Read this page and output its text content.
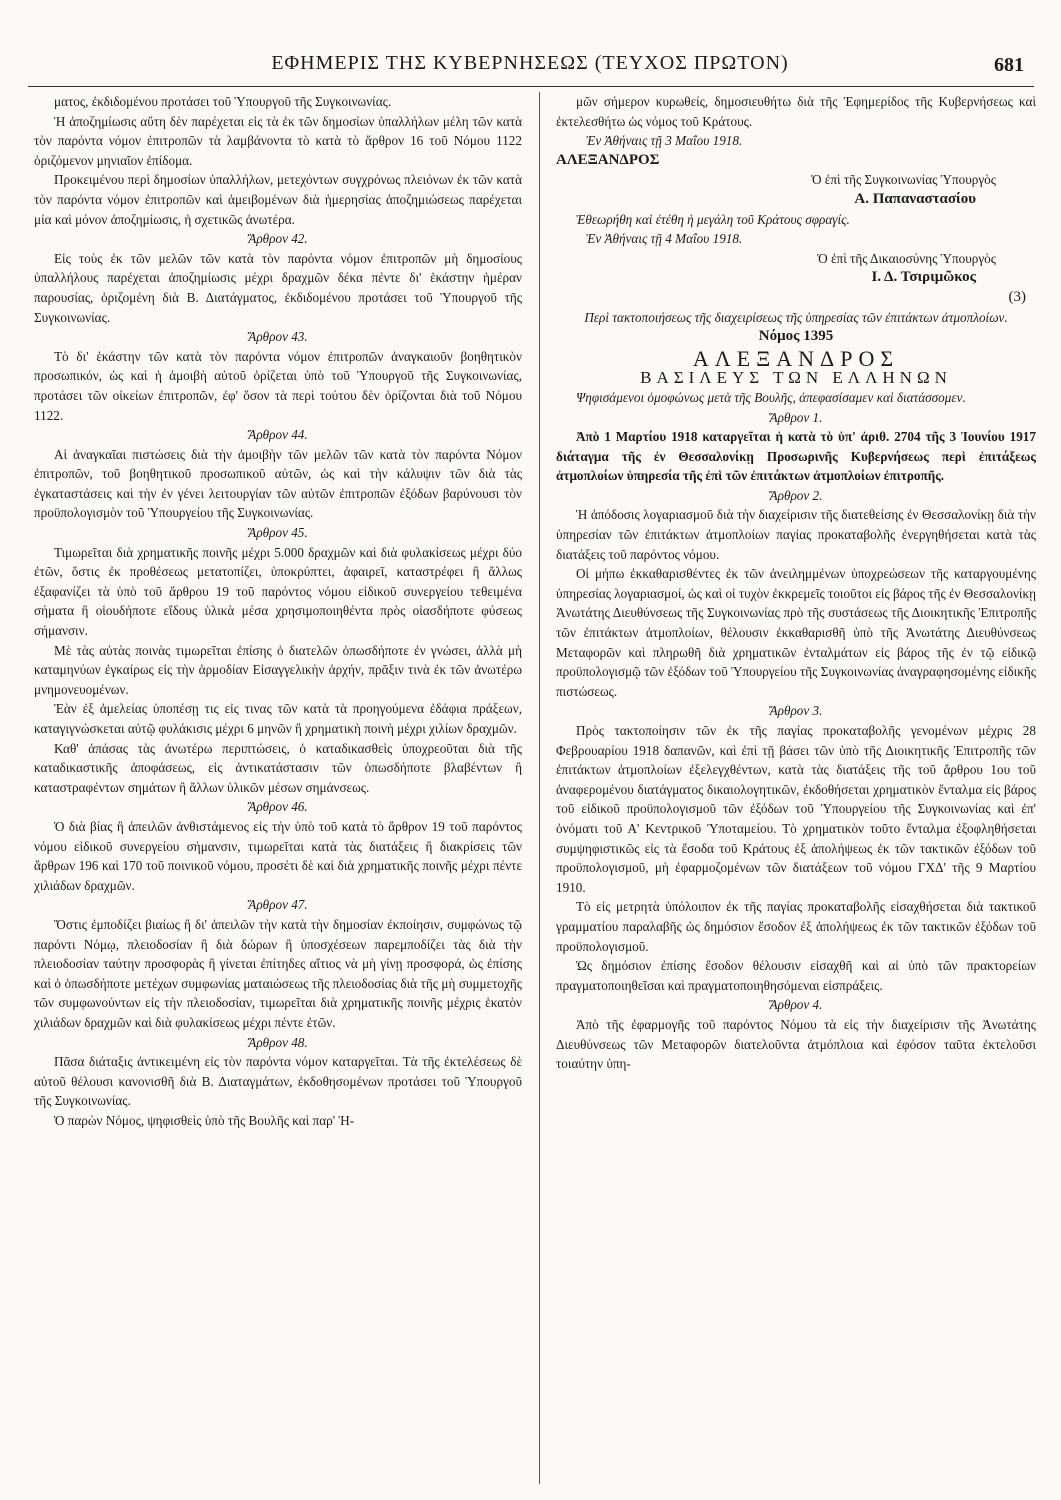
ΕΦΗΜΕΡΙΣ ΤΗΣ ΚΥΒΕΡΝΗΣΕΩΣ (ΤΕΥΧΟΣ ΠΡΩΤΟΝ)	681

ματος, ἐκδιδομένου προτάσει τοῦ Ὑπουργοῦ τῆς Συγκοινωνίας.

Ἡ ἀποζημίωσις αὕτη δὲν παρέχεται εἰς τὰ ἐκ τῶν δημοσίων ὑπαλλήλων μέλη τῶν κατὰ τὸν παρόντα νόμον ἐπιτροπῶν τὰ λαμβάνοντα τὸ κατὰ τὸ ἄρθρον 16 τοῦ Νόμου 1122 ὁριζόμενον μηνιαῖον ἐπίδομα.

Προκειμένου περὶ δημοσίων ὑπαλλήλων, μετεχόντων συγχρόνως πλειόνων ἐκ τῶν κατὰ τὸν παρόντα νόμον ἐπιτροπῶν καὶ ἀμειβομένων διὰ ἡμερησίας ἀποζημιώσεως παρέχεται μία καὶ μόνον ἀποζημίωσις, ἡ σχετικῶς ἀνωτέρα.

Ἄρθρον 42.

Εἰς τοὺς ἐκ τῶν μελῶν τῶν κατὰ τὸν παρόντα νόμον ἐπιτροπῶν μὴ δημοσίους ὑπαλλήλους παρέχεται ἀποζημίωσις μέχρι δραχμῶν δέκα πέντε δι' ἑκάστην ἡμέραν παρουσίας, ὁριζομένη διὰ Β. Διατάγματος, ἐκδιδομένου προτάσει τοῦ Ὑπουργοῦ τῆς Συγκοινωνίας.

Ἄρθρον 43.

Τὸ δι' ἑκάστην τῶν κατὰ τὸν παρόντα νόμον ἐπιτροπῶν ἀναγκαιοῦν βοηθητικὸν προσωπικόν, ὡς καὶ ἡ ἀμοιβὴ αὐτοῦ ὁρίζεται ὑπὸ τοῦ Ὑπουργοῦ τῆς Συγκοινωνίας, προτάσει τῶν οἰκείων ἐπιτροπῶν, ἐφ' ὅσον τὰ περὶ τούτου δὲν ὁρίζονται διὰ τοῦ Νόμου 1122.

Ἄρθρον 44.

Αἱ ἀναγκαῖαι πιστώσεις διὰ τὴν ἀμοιβὴν τῶν μελῶν τῶν κατὰ τὸν παρόντα Νόμον ἐπιτροπῶν, τοῦ βοηθητικοῦ προσωπικοῦ αὐτῶν, ὡς καὶ τὴν κάλυψιν τῶν διὰ τὰς ἐγκαταστάσεις καὶ τὴν ἐν γένει λειτουργίαν τῶν αὐτῶν ἐπιτροπῶν ἐξόδων βαρύνουσι τὸν προϋπολογισμὸν τοῦ Ὑπουργείου τῆς Συγκοινωνίας.

Ἄρθρον 45.

Τιμωρεῖται διὰ χρηματικῆς ποινῆς μέχρι 5.000 δραχμῶν καὶ διὰ φυλακίσεως μέχρι δύο ἐτῶν, ὅστις ἐκ προθέσεως μετατοπίζει, ὑποκρύπτει, ἀφαιρεῖ, καταστρέφει ἢ ἄλλως ἐξαφανίζει τὰ ὑπὸ τοῦ ἄρθρου 19 τοῦ παρόντος νόμου εἰδικοῦ συνεργείου τεθειμένα σήματα ἢ οἱουδήποτε εἴδους ὑλικὰ μέσα χρησιμοποιηθέντα πρὸς οἱασδήποτε φύσεως σήμανσιν.

Μὲ τὰς αὐτὰς ποινὰς τιμωρεῖται ἐπίσης ὁ διατελῶν ὁπωσδήποτε ἐν γνώσει, ἀλλὰ μὴ καταμηνύων ἐγκαίρως εἰς τὴν ἁρμοδίαν Εἰσαγγελικὴν ἀρχήν, πρᾶξιν τινὰ ἐκ τῶν ἀνωτέρω μνημονευομένων.

Ἐὰν ἐξ ἀμελείας ὑποπέσῃ τις εἰς τινας τῶν κατὰ τὰ προηγούμενα ἐδάφια πράξεων, καταγιγνώσκεται αὐτῷ φυλάκισις μέχρι 6 μηνῶν ἢ χρηματικὴ ποινὴ μέχρι χιλίων δραχμῶν.

Καθ' ἁπάσας τὰς ἀνωτέρω περιπτώσεις, ὁ καταδικασθεὶς ὑποχρεοῦται διὰ τῆς καταδικαστικῆς ἀποφάσεως, εἰς ἀντικατάστασιν τῶν ὁπωσδήποτε βλαβέντων ἢ καταστραφέντων σημάτων ἢ ἄλλων ὑλικῶν μέσων σημάνσεως.

Ἄρθρον 46.

Ὁ διὰ βίας ἢ ἀπειλῶν ἀνθιστάμενος εἰς τὴν ὑπὸ τοῦ κατὰ τὸ ἄρθρον 19 τοῦ παρόντος νόμου εἰδικοῦ συνεργείου σήμανσιν, τιμωρεῖται κατὰ τὰς διατάξεις ἢ διακρίσεις τῶν ἄρθρων 196 καὶ 170 τοῦ ποινικοῦ νόμου, προσέτι δὲ καὶ διὰ χρηματικῆς ποινῆς μέχρι πέντε χιλιάδων δραχμῶν.

Ἄρθρον 47.

Ὅστις ἐμποδίζει βιαίως ἢ δι' ἀπειλῶν τὴν κατὰ τὴν δημοσίαν ἐκποίησιν, συμφώνως τῷ παρόντι Νόμῳ, πλειοδοσίαν ἢ διὰ δώρων ἢ ὑποσχέσεων παρεμποδίζει τὰς διὰ τὴν πλειοδοσίαν ταύτην προσφορὰς ἢ γίνεται ἐπίτηδες αἴτιος νὰ μὴ γίνῃ προσφορά, ὡς ἐπίσης καὶ ὁ ὁπωσδήποτε μετέχων συμφωνίας ματαιώσεως τῆς πλειοδοσίας διὰ τῆς μὴ συμμετοχῆς τῶν συμφωνούντων εἰς τὴν πλειοδοσίαν, τιμωρεῖται διὰ χρηματικῆς ποινῆς μέχρις ἑκατὸν χιλιάδων δραχμῶν καὶ διὰ φυλακίσεως μέχρι πέντε ἐτῶν.

Ἄρθρον 48.

Πᾶσα διάταξις ἀντικειμένη εἰς τὸν παρόντα νόμον καταργεῖται. Τὰ τῆς ἐκτελέσεως δὲ αὐτοῦ θέλουσι κανονισθῆ διὰ Β. Διαταγμάτων, ἐκδοθησομένων προτάσει τοῦ Ὑπουργοῦ τῆς Συγκοινωνίας.

Ὁ παρὼν Νόμος, ψηφισθεὶς ὑπὸ τῆς Βουλῆς καὶ παρ' Ἡ-

μῶν σήμερον κυρωθείς, δημοσιευθήτω διὰ τῆς Ἐφημερίδος τῆς Κυβερνήσεως καὶ ἐκτελεσθήτω ὡς νόμος τοῦ Κράτους.

Ἐν Ἀθήναις τῇ 3 Μαΐου 1918.

ΑΛΕΞΑΝΔΡΟΣ

Ὁ ἐπὶ τῆς Συγκοινωνίας Ὑπουργὸς

Α. Παπαναστασίου

Ἐθεωρήθη καὶ ἐτέθη ἡ μεγάλη τοῦ Κράτους σφραγίς.

Ἐν Ἀθήναις τῇ 4 Μαΐου 1918.

Ὁ ἐπὶ τῆς Δικαιοσύνης Ὑπουργὸς

Ι. Δ. Τσιριμῶκος

(3)

Περὶ τακτοποιήσεως τῆς διαχειρίσεως τῆς ὑπηρεσίας τῶν ἐπιτάκτων ἀτμοπλοίων.

Νόμος 1395

ΑΛΕΞΑΝΔΡΟΣ

ΒΑΣΙΛΕΥΣ ΤΩΝ ΕΛΛΗΝΩΝ

Ψηφισάμενοι ὁμοφώνως μετὰ τῆς Βουλῆς, ἀπεφασίσαμεν καὶ διατάσσομεν.

Ἄρθρον 1.

Ἀπὸ 1 Μαρτίου 1918 καταργεῖται ἡ κατὰ τὸ ὑπ' ἀριθ. 2704 τῆς 3 Ἰουνίου 1917 διάταγμα τῆς ἐν Θεσσαλονίκῃ Προσωρινῆς Κυβερνήσεως περὶ ἐπιτάξεως ἀτμοπλοίων ὑπηρεσία τῆς ἐπὶ τῶν ἐπιτάκτων ἀτμοπλοίων ἐπιτροπῆς.

Ἄρθρον 2.

Ἡ ἀπόδοσις λογαριασμοῦ διὰ τὴν διαχείρισιν τῆς διατεθείσης ἐν Θεσσαλονίκῃ διὰ τὴν ὑπηρεσίαν τῶν ἐπιτάκτων ἀτμοπλοίων παγίας προκαταβολῆς ἐνεργηθήσεται κατὰ τὰς διατάξεις τοῦ παρόντος νόμου.

Οἱ μήπω ἐκκαθαρισθέντες ἐκ τῶν ἀνειλημμένων ὑποχρεώσεων τῆς καταργουμένης ὑπηρεσίας λογαριασμοί, ὡς καὶ οἱ τυχὸν ἐκκρεμεῖς τοιοῦτοι εἰς βάρος τῆς ἐν Θεσσαλονίκῃ Ἀνωτάτης Διευθύνσεως τῆς Συγκοινωνίας πρὸ τῆς συστάσεως τῆς Διοικητικῆς Ἐπιτροπῆς τῶν ἐπιτάκτων ἀτμοπλοίων, θέλουσιν ἐκκαθαρισθῆ ὑπὸ τῆς Ἀνωτάτης Διευθύνσεως Μεταφορῶν καὶ πληρωθῆ διὰ χρηματικῶν ἐνταλμάτων εἰς βάρος τῆς ἐν τῷ εἰδικῷ προϋπολογισμῷ τῶν ἐξόδων τοῦ Ὑπουργείου τῆς Συγκοινωνίας ἀναγραφησομένης εἰδικῆς πιστώσεως.

Ἄρθρον 3.

Πρὸς τακτοποίησιν τῶν ἐκ τῆς παγίας προκαταβολῆς γενομένων μέχρις 28 Φεβρουαρίου 1918 δαπανῶν, καὶ ἐπὶ τῇ βάσει τῶν ὑπὸ τῆς Διοικητικῆς Ἐπιτροπῆς τῶν ἐπιτάκτων ἀτμοπλοίων ἐξελεγχθέντων, κατὰ τὰς διατάξεις τῆς τοῦ ἄρθρου 1ου τοῦ ἀναφερομένου διατάγματος δικαιολογητικῶν, ἐκδοθήσεται χρηματικὸν ἔνταλμα εἰς βάρος τοῦ εἰδικοῦ προϋπολογισμοῦ τῶν ἐξόδων τοῦ Ὑπουργείου τῆς Συγκοινωνίας καὶ ἐπ' ὀνόματι τοῦ Α' Κεντρικοῦ Ὑποταμείου. Τὸ χρηματικὸν τοῦτο ἔνταλμα ἐξοφληθήσεται συμψηφιστικῶς εἰς τὰ ἔσοδα τοῦ Κράτους ἐξ ἀπολήψεως ἐκ τῶν τακτικῶν ἐξόδων τοῦ προϋπολογισμοῦ, μὴ ἐφαρμοζομένων τῶν διατάξεων τοῦ νόμου ΓΧΔ' τῆς 9 Μαρτίου 1910.

Τὸ εἰς μετρητὰ ὑπόλοιπον ἐκ τῆς παγίας προκαταβολῆς εἰσαχθήσεται διὰ τακτικοῦ γραμματίου παραλαβῆς ὡς δημόσιον ἔσοδον ἐξ ἀπολήψεως ἐκ τῶν τακτικῶν ἐξόδων τοῦ προϋπολογισμοῦ.

Ὡς δημόσιον ἐπίσης ἔσοδον θέλουσιν εἰσαχθῆ καὶ αἱ ὑπὸ τῶν πρακτορείων πραγματοποιηθεῖσαι καὶ πραγματοποιηθησόμεναι εἰσπράξεις.

Ἄρθρον 4.

Ἀπὸ τῆς ἐφαρμογῆς τοῦ παρόντος Νόμου τὰ εἰς τὴν διαχείρισιν τῆς Ἀνωτάτης Διευθύνσεως τῶν Μεταφορῶν διατελοῦντα ἀτμόπλοια καὶ ἐφόσον ταῦτα ἐκτελοῦσι τοιαύτην ὑπη-
